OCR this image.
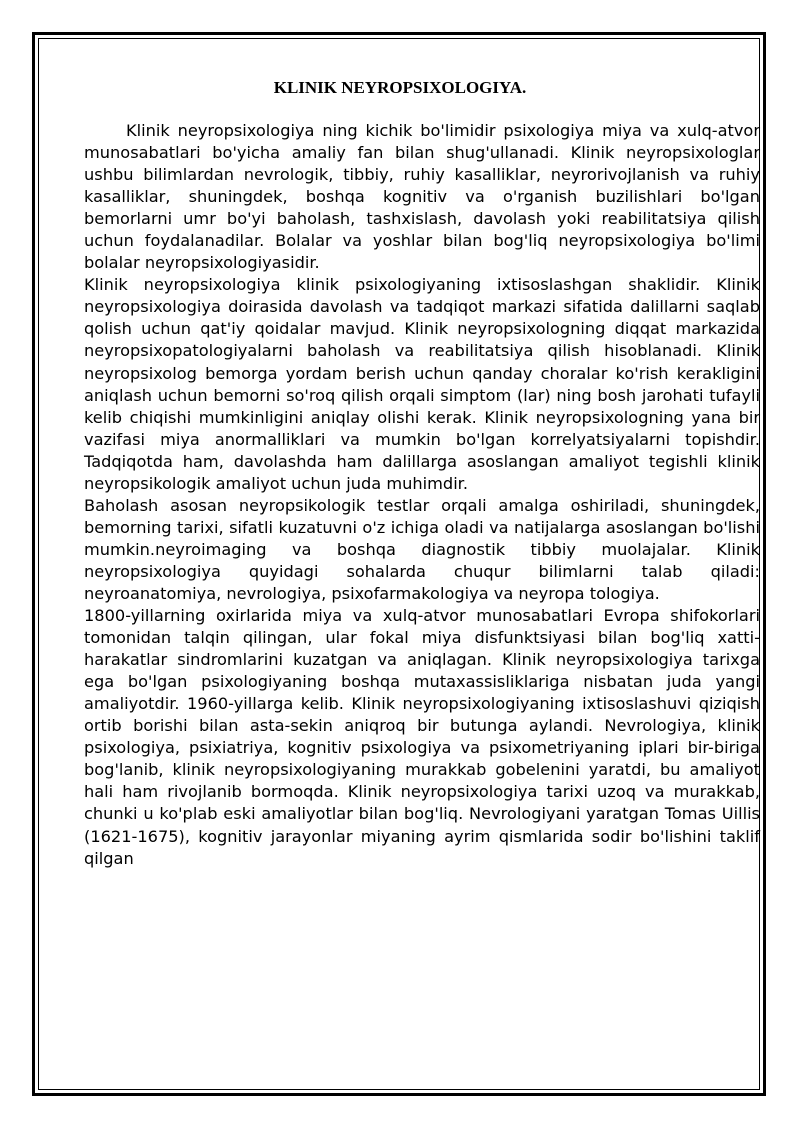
KLINIK NEYROPSIXOLOGIYA.

Klinik neyropsixologiya ning kichik bo'limidir psixologiya miya va xulq-atvor munosabatlari bo'yicha amaliy fan bilan shug'ullanadi. Klinik neyropsixologlar ushbu bilimlardan nevrologik, tibbiy, ruhiy kasalliklar, neyrorivojlanish va ruhiy kasalliklar, shuningdek, boshqa kognitiv va o'rganish buzilishlari bo'lgan bemorlarni umr bo'yi baholash, tashxislash, davolash yoki reabilitatsiya qilish uchun foydalanadilar. Bolalar va yoshlar bilan bog'liq neyropsixologiya bo'limi bolalar neyropsixologiyasidir.

Klinik neyropsixologiya klinik psixologiyaning ixtisoslashgan shaklidir. Klinik neyropsixologiya doirasida davolash va tadqiqot markazi sifatida dalillarni saqlab qolish uchun qat'iy qoidalar mavjud. Klinik neyropsixologning diqqat markazida neyropsixopatologiyalarni baholash va reabilitatsiya qilish hisoblanadi. Klinik neyropsixolog bemorga yordam berish uchun qanday choralar ko'rish kerakligini aniqlash uchun bemorni so'roq qilish orqali simptom (lar) ning bosh jarohati tufayli kelib chiqishi mumkinligini aniqlay olishi kerak. Klinik neyropsixologning yana bir vazifasi miya anormalliklari va mumkin bo'lgan korrelyatsiyalarni topishdir. Tadqiqotda ham, davolashda ham dalillarga asoslangan amaliyot tegishli klinik neyropsikologik amaliyot uchun juda muhimdir.

Baholash asosan neyropsikologik testlar orqali amalga oshiriladi, shuningdek, bemorning tarixi, sifatli kuzatuvni o'z ichiga oladi va natijalarga asoslangan bo'lishi mumkin.neyroimaging va boshqa diagnostik tibbiy muolajalar. Klinik neyropsixologiya quyidagi sohalarda chuqur bilimlarni talab qiladi: neyroanatomiya, nevrologiya, psixofarmakologiya va neyropa tologiya.

1800-yillarning oxirlarida miya va xulq-atvor munosabatlari Evropa shifokorlari tomonidan talqin qilingan, ular fokal miya disfunktsiyasi bilan bog'liq xatti-harakatlar sindromlarini kuzatgan va aniqlagan. Klinik neyropsixologiya tarixga ega bo'lgan psixologiyaning boshqa mutaxassisliklariga nisbatan juda yangi amaliyotdir. 1960-yillarga kelib. Klinik neyropsixologiyaning ixtisoslashuvi qiziqish ortib borishi bilan asta-sekin aniqroq bir butunga aylandi. Nevrologiya, klinik psixologiya, psixiatriya, kognitiv psixologiya va psixometriyaning iplari bir-biriga bog'lanib, klinik neyropsixologiyaning murakkab gobelenini yaratdi, bu amaliyot hali ham rivojlanib bormoqda. Klinik neyropsixologiya tarixi uzoq va murakkab, chunki u ko'plab eski amaliyotlar bilan bog'liq. Nevrologiyani yaratgan Tomas Uillis (1621-1675), kognitiv jarayonlar miyaning ayrim qismlarida sodir bo'lishini taklif qilgan
